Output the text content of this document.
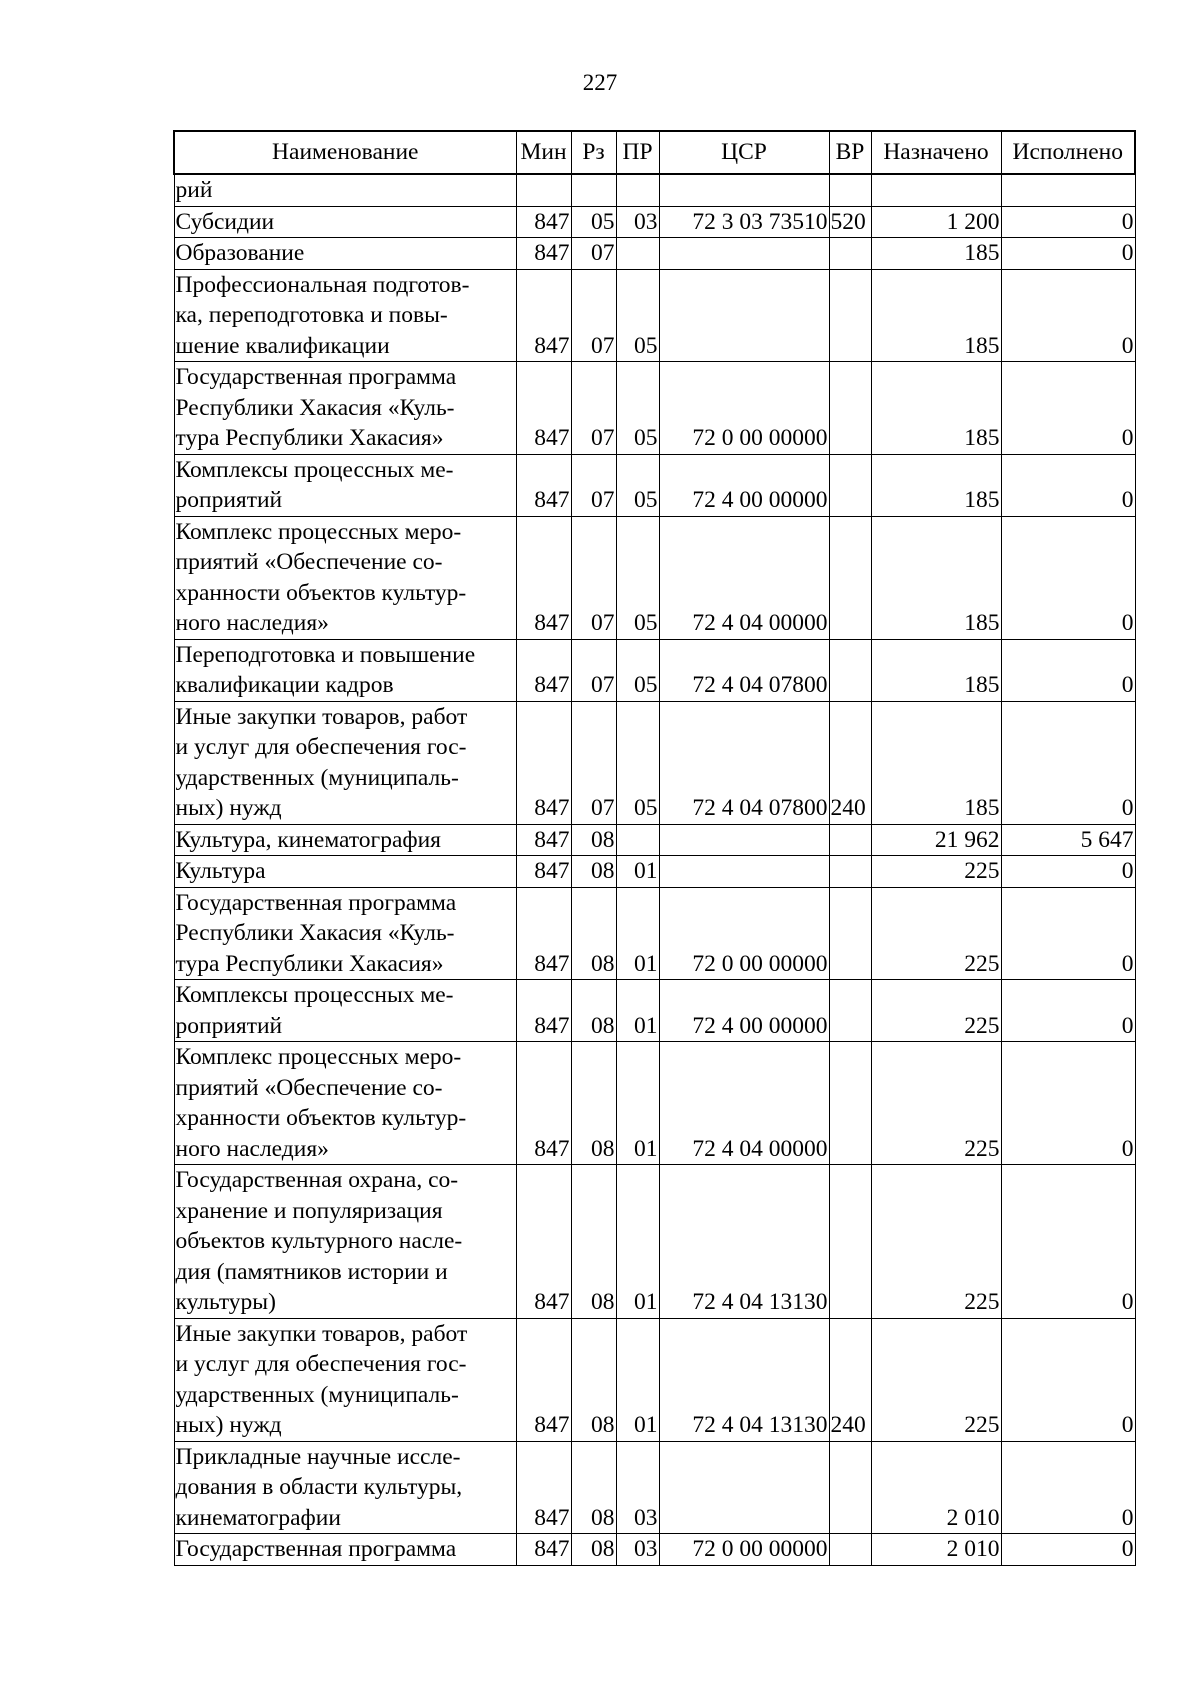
227
Наименование	Мин	Рз	ПР	ЦСР	ВР	Назначено	Исполнено
рий							
Субсидии	847	05	03	72 3 03 73510	520	1 200	0
Образование	847	07				185	0
Профессиональная подготов-
ка, переподготовка и повы-
шение квалификации	847	07	05			185	0
Государственная программа
Республики Хакасия «Куль-
тура Республики Хакасия»	847	07	05	72 0 00 00000		185	0
Комплексы процессных ме-
роприятий	847	07	05	72 4 00 00000		185	0
Комплекс процессных меро-
приятий «Обеспечение со-
хранности объектов культур-
ного наследия»	847	07	05	72 4 04 00000		185	0
Переподготовка и повышение
квалификации кадров	847	07	05	72 4 04 07800		185	0
Иные закупки товаров, работ
и услуг для обеспечения гос-
ударственных (муниципаль-
ных) нужд	847	07	05	72 4 04 07800	240	185	0
Культура, кинематография	847	08				21 962	5 647
Культура	847	08	01			225	0
Государственная программа
Республики Хакасия «Куль-
тура Республики Хакасия»	847	08	01	72 0 00 00000		225	0
Комплексы процессных ме-
роприятий	847	08	01	72 4 00 00000		225	0
Комплекс процессных меро-
приятий «Обеспечение со-
хранности объектов культур-
ного наследия»	847	08	01	72 4 04 00000		225	0
Государственная охрана, со-
хранение и популяризация
объектов культурного насле-
дия (памятников истории и
культуры)	847	08	01	72 4 04 13130		225	0
Иные закупки товаров, работ
и услуг для обеспечения гос-
ударственных (муниципаль-
ных) нужд	847	08	01	72 4 04 13130	240	225	0
Прикладные научные иссле-
дования в области культуры,
кинематографии	847	08	03			2 010	0
Государственная программа	847	08	03	72 0 00 00000		2 010	0
